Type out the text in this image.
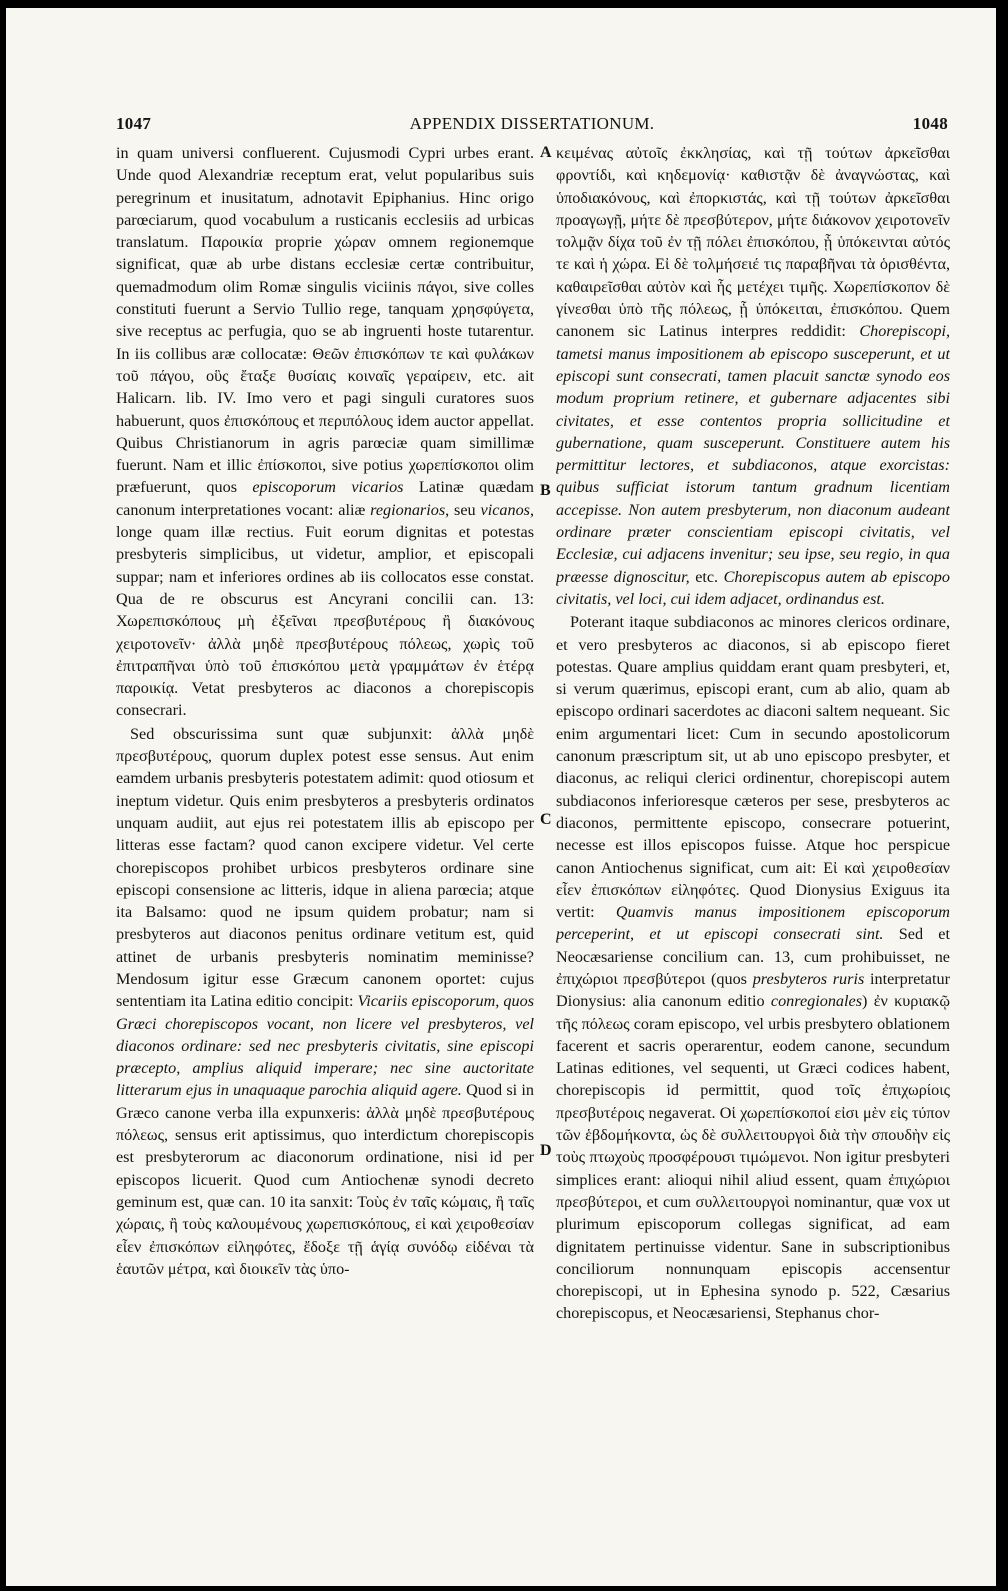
1047	APPENDIX DISSERTATIONUM.	1048

in quam universi confluerent. Cujusmodi Cypri urbes erant. Unde quod Alexandriæ receptum erat, velut popularibus suis peregrinum et inusitatum, adnotavit Epiphanius. Hinc origo parœciarum, quod vocabulum a rusticanis ecclesiis ad urbicas translatum. Παροικία proprie χώραν omnem regionemque significat, quæ ab urbe distans ecclesiæ certæ contribuitur, quemadmodum olim Romæ singulis viciinis πάγοι, sive colles constituti fuerunt a Servio Tullio rege, tanquam χρησφύγετα, sive receptus ac perfugia, quo se ab ingruenti hoste tutarentur. In iis collibus aræ collocatæ: Θεῶν ἐπισκόπων τε καὶ φυλάκων τοῦ πάγου, οὓς ἔταξε θυσίαις κοιναῖς γεραίρειν, etc. ait Halicarn. lib. IV. Imo vero et pagi singuli curatores suos habuerunt, quos ἐπισκόπους et περιπόλους idem auctor appellat. Quibus Christianorum in agris parœciæ quam simillimæ fuerunt. Nam et illic ἐπίσκοποι, sive potius χωρεπίσκοποι olim præfuerunt, quos episcoporum vicarios Latinæ quædam canonum interpretationes vocant: aliæ regionarios, seu vicanos, longe quam illæ rectius. Fuit eorum dignitas et potestas presbyteris simplicibus, ut videtur, amplior, et episcopali suppar; nam et inferiores ordines ab iis collocatos esse constat. Qua de re obscurus est Ancyrani concilii can. 13: Χωρεπισκόπους μὴ ἐξεῖναι πρεσβυτέρους ἢ διακόνους χειροτονεῖν· ἀλλὰ μηδὲ πρεσβυτέρους πόλεως, χωρὶς τοῦ ἐπιτραπῆναι ὑπὸ τοῦ ἐπισκόπου μετὰ γραμμάτων ἐν ἑτέρᾳ παροικίᾳ. Vetat presbyteros ac diaconos a chorepiscopis consecrari.

Sed obscurissima sunt quæ subjunxit: ἀλλὰ μηδὲ πρεσβυτέρους, quorum duplex potest esse sensus. Aut enim eamdem urbanis presbyteris potestatem adimit: quod otiosum et ineptum videtur. Quis enim presbyteros a presbyteris ordinatos unquam audiit, aut ejus rei potestatem illis ab episcopo per litteras esse factam? quod canon excipere videtur. Vel certe chorepiscopos prohibet urbicos presbyteros ordinare sine episcopi consensione ac litteris, idque in aliena parœcia; atque ita Balsamo: quod ne ipsum quidem probatur; nam si presbyteros aut diaconos penitus ordinare vetitum est, quid attinet de urbanis presbyteris nominatim meminisse? Mendosum igitur esse Græcum canonem oportet: cujus sententiam ita Latina editio concipit: Vicariis episcoporum, quos Græci chorepiscopos vocant, non licere vel presbyteros, vel diaconos ordinare: sed nec presbyteris civitatis, sine episcopi præcepto, amplius aliquid imperare; nec sine auctoritate litterarum ejus in unaquaque parochia aliquid agere. Quod si in Græco canone verba illa expunxeris: ἀλλὰ μηδὲ πρεσβυτέρους πόλεως, sensus erit aptissimus, quo interdictum chorepiscopis est presbyterorum ac diaconorum ordinatione, nisi id per episcopos licuerit. Quod cum Antiochenæ synodi decreto geminum est, quæ can. 10 ita sanxit: Τοὺς ἐν ταῖς κώμαις, ἢ ταῖς χώραις, ἢ τοὺς καλουμένους χωρεπισκόπους, εἰ καὶ χειροθεσίαν εἶεν ἐπισκόπων εἰληφότες, ἔδοξε τῇ ἁγίᾳ συνόδῳ εἰδέναι τὰ ἑαυτῶν μέτρα, καὶ διοικεῖν τὰς ὑπο-

κειμένας αὐτοῖς ἐκκλησίας, καὶ τῇ τούτων ἀρκεῖσθαι φροντίδι, καὶ κηδεμονίᾳ· καθιστᾷν δὲ ἀναγνώστας, καὶ ὑποδιακόνους, καὶ ἐπορκιστάς, καὶ τῇ τούτων ἀρκεῖσθαι προαγωγῇ, μήτε δὲ πρεσβύτερον, μήτε διάκονον χειροτονεῖν τολμᾷν δίχα τοῦ ἐν τῇ πόλει ἐπισκόπου, ᾗ ὑπόκεινται αὐτός τε καὶ ἡ χώρα. Εἰ δὲ τολμήσειέ τις παραβῆναι τὰ ὁρισθέντα, καθαιρεῖσθαι αὐτὸν καὶ ἧς μετέχει τιμῆς. Χωρεπίσκοπον δὲ γίνεσθαι ὑπὸ τῆς πόλεως, ᾗ ὑπόκειται, ἐπισκόπου. Quem canonem sic Latinus interpres reddidit: Chorepiscopi, tametsi manus impositionem ab episcopo susceperunt, et ut episcopi sunt consecrati, tamen placuit sanctæ synodo eos modum proprium retinere, et gubernare adjacentes sibi civitates, et esse contentos propria sollicitudine et gubernatione, quam susceperunt. Constituere autem his permittitur lectores, et subdiaconos, atque exorcistas: quibus sufficiat istorum tantum gradnum licentiam accepisse. Non autem presbyterum, non diaconum audeant ordinare præter conscientiam episcopi civitatis, vel Ecclesiæ, cui adjacens invenitur; seu ipse, seu regio, in qua præesse dignoscitur, etc. Chorepiscopus autem ab episcopo civitatis, vel loci, cui idem adjacet, ordinandus est.

Poterant itaque subdiaconos ac minores clericos ordinare, et vero presbyteros ac diaconos, si ab episcopo fieret potestas. Quare amplius quiddam erant quam presbyteri, et, si verum quærimus, episcopi erant, cum ab alio, quam ab episcopo ordinari sacerdotes ac diaconi saltem nequeant. Sic enim argumentari licet: Cum in secundo apostolicorum canonum præscriptum sit, ut ab uno episcopo presbyter, et diaconus, ac reliqui clerici ordinentur, chorepiscopi autem subdiaconos inferioresque cæteros per sese, presbyteros ac diaconos, permittente episcopo, consecrare potuerint, necesse est illos episcopos fuisse. Atque hoc perspicue canon Antiochenus significat, cum ait: Εἰ καὶ χειροθεσίαν εἶεν ἐπισκόπων εἰληφότες. Quod Dionysius Exiguus ita vertit: Quamvis manus impositionem episcoporum perceperint, et ut episcopi consecrati sint. Sed et Neocæsariense concilium can. 13, cum prohibuisset, ne ἐπιχώριοι πρεσβύτεροι (quos presbyteros ruris interpretatur Dionysius: alia canonum editio conregionales) ἐν κυριακῷ τῆς πόλεως coram episcopo, vel urbis presbytero oblationem facerent et sacris operarentur, eodem canone, secundum Latinas editiones, vel sequenti, ut Græci codices habent, chorepiscopis id permittit, quod τοῖς ἐπιχωρίοις πρεσβυτέροις negaverat. Οἱ χωρεπίσκοποί εἰσι μὲν εἰς τύπον τῶν ἑβδομήκοντα, ὡς δὲ συλλειτουργοὶ διὰ τὴν σπουδὴν εἰς τοὺς πτωχοὺς προσφέρουσι τιμώμενοι. Non igitur presbyteri simplices erant: alioqui nihil aliud essent, quam ἐπιχώριοι πρεσβύτεροι, et cum συλλειτουργοὶ nominantur, quæ vox ut plurimum episcoporum collegas significat, ad eam dignitatem pertinuisse videntur. Sane in subscriptionibus conciliorum nonnunquam episcopis accensentur chorepiscopi, ut in Ephesina synodo p. 522, Cæsarius chorepiscopus, et Neocæsariensi, Stephanus chor-

A
B
C
D
